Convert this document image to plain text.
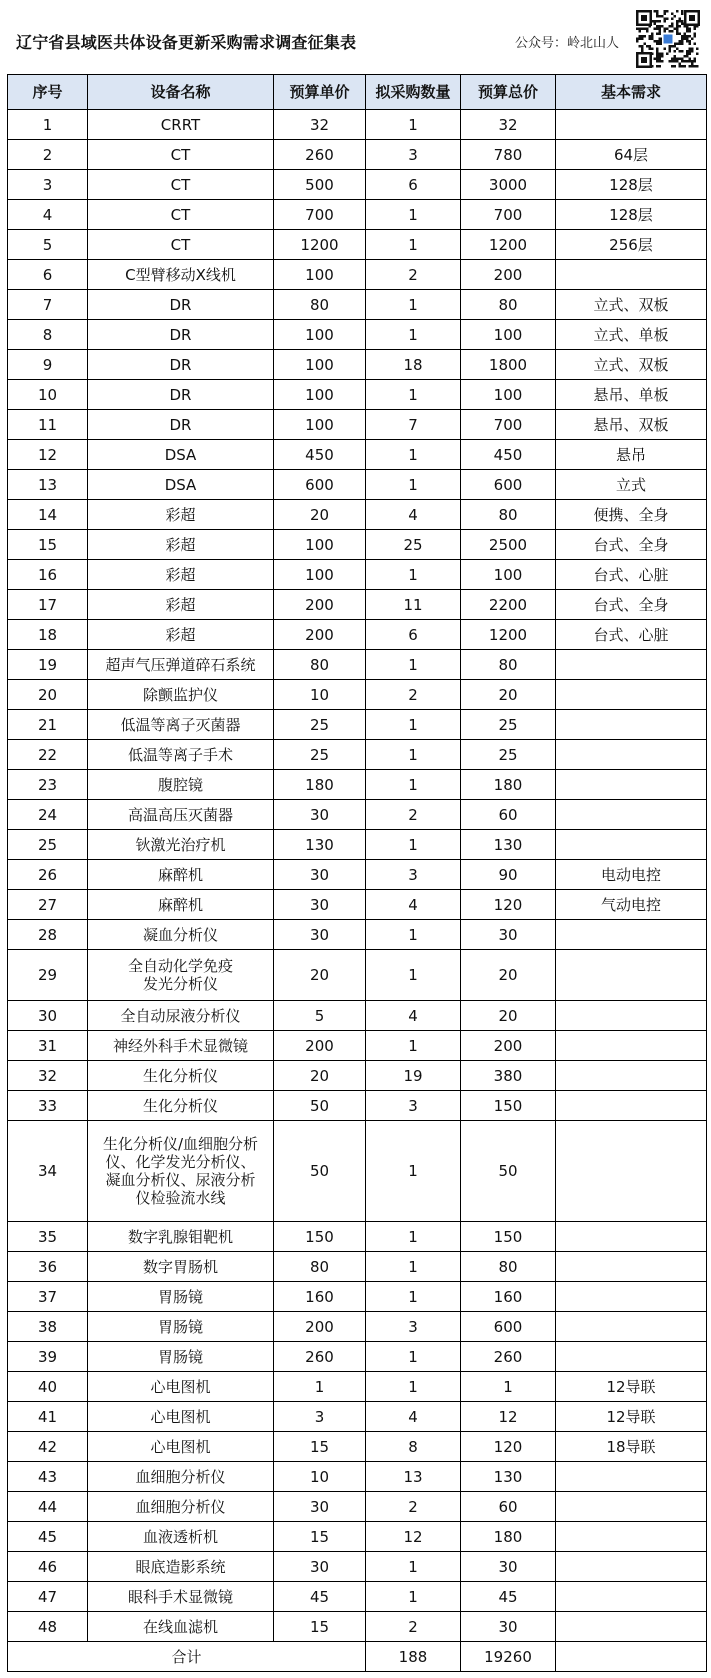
辽宁省县域医共体设备更新采购需求调查征集表	公众号：岭北山人
序号	设备名称	预算单价	拟采购数量	预算总价	基本需求
1	CRRT	32	1	32	
2	CT	260	3	780	64层
3	CT	500	6	3000	128层
4	CT	700	1	700	128层
5	CT	1200	1	1200	256层
6	C型臂移动X线机	100	2	200	
7	DR	80	1	80	立式、双板
8	DR	100	1	100	立式、单板
9	DR	100	18	1800	立式、双板
10	DR	100	1	100	悬吊、单板
11	DR	100	7	700	悬吊、双板
12	DSA	450	1	450	悬吊
13	DSA	600	1	600	立式
14	彩超	20	4	80	便携、全身
15	彩超	100	25	2500	台式、全身
16	彩超	100	1	100	台式、心脏
17	彩超	200	11	2200	台式、全身
18	彩超	200	6	1200	台式、心脏
19	超声气压弹道碎石系统	80	1	80	
20	除颤监护仪	10	2	20	
21	低温等离子灭菌器	25	1	25	
22	低温等离子手术	25	1	25	
23	腹腔镜	180	1	180	
24	高温高压灭菌器	30	2	60	
25	钬激光治疗机	130	1	130	
26	麻醉机	30	3	90	电动电控
27	麻醉机	30	4	120	气动电控
28	凝血分析仪	30	1	30	
29	全自动化学免疫
发光分析仪	20	1	20	
30	全自动尿液分析仪	5	4	20	
31	神经外科手术显微镜	200	1	200	
32	生化分析仪	20	19	380	
33	生化分析仪	50	3	150	
34	生化分析仪/血细胞分析
仪、化学发光分析仪、
凝血分析仪、尿液分析
仪检验流水线	50	1	50	
35	数字乳腺钼靶机	150	1	150	
36	数字胃肠机	80	1	80	
37	胃肠镜	160	1	160	
38	胃肠镜	200	3	600	
39	胃肠镜	260	1	260	
40	心电图机	1	1	1	12导联
41	心电图机	3	4	12	12导联
42	心电图机	15	8	120	18导联
43	血细胞分析仪	10	13	130	
44	血细胞分析仪	30	2	60	
45	血液透析机	15	12	180	
46	眼底造影系统	30	1	30	
47	眼科手术显微镜	45	1	45	
48	在线血滤机	15	2	30	
合计			188	19260	
